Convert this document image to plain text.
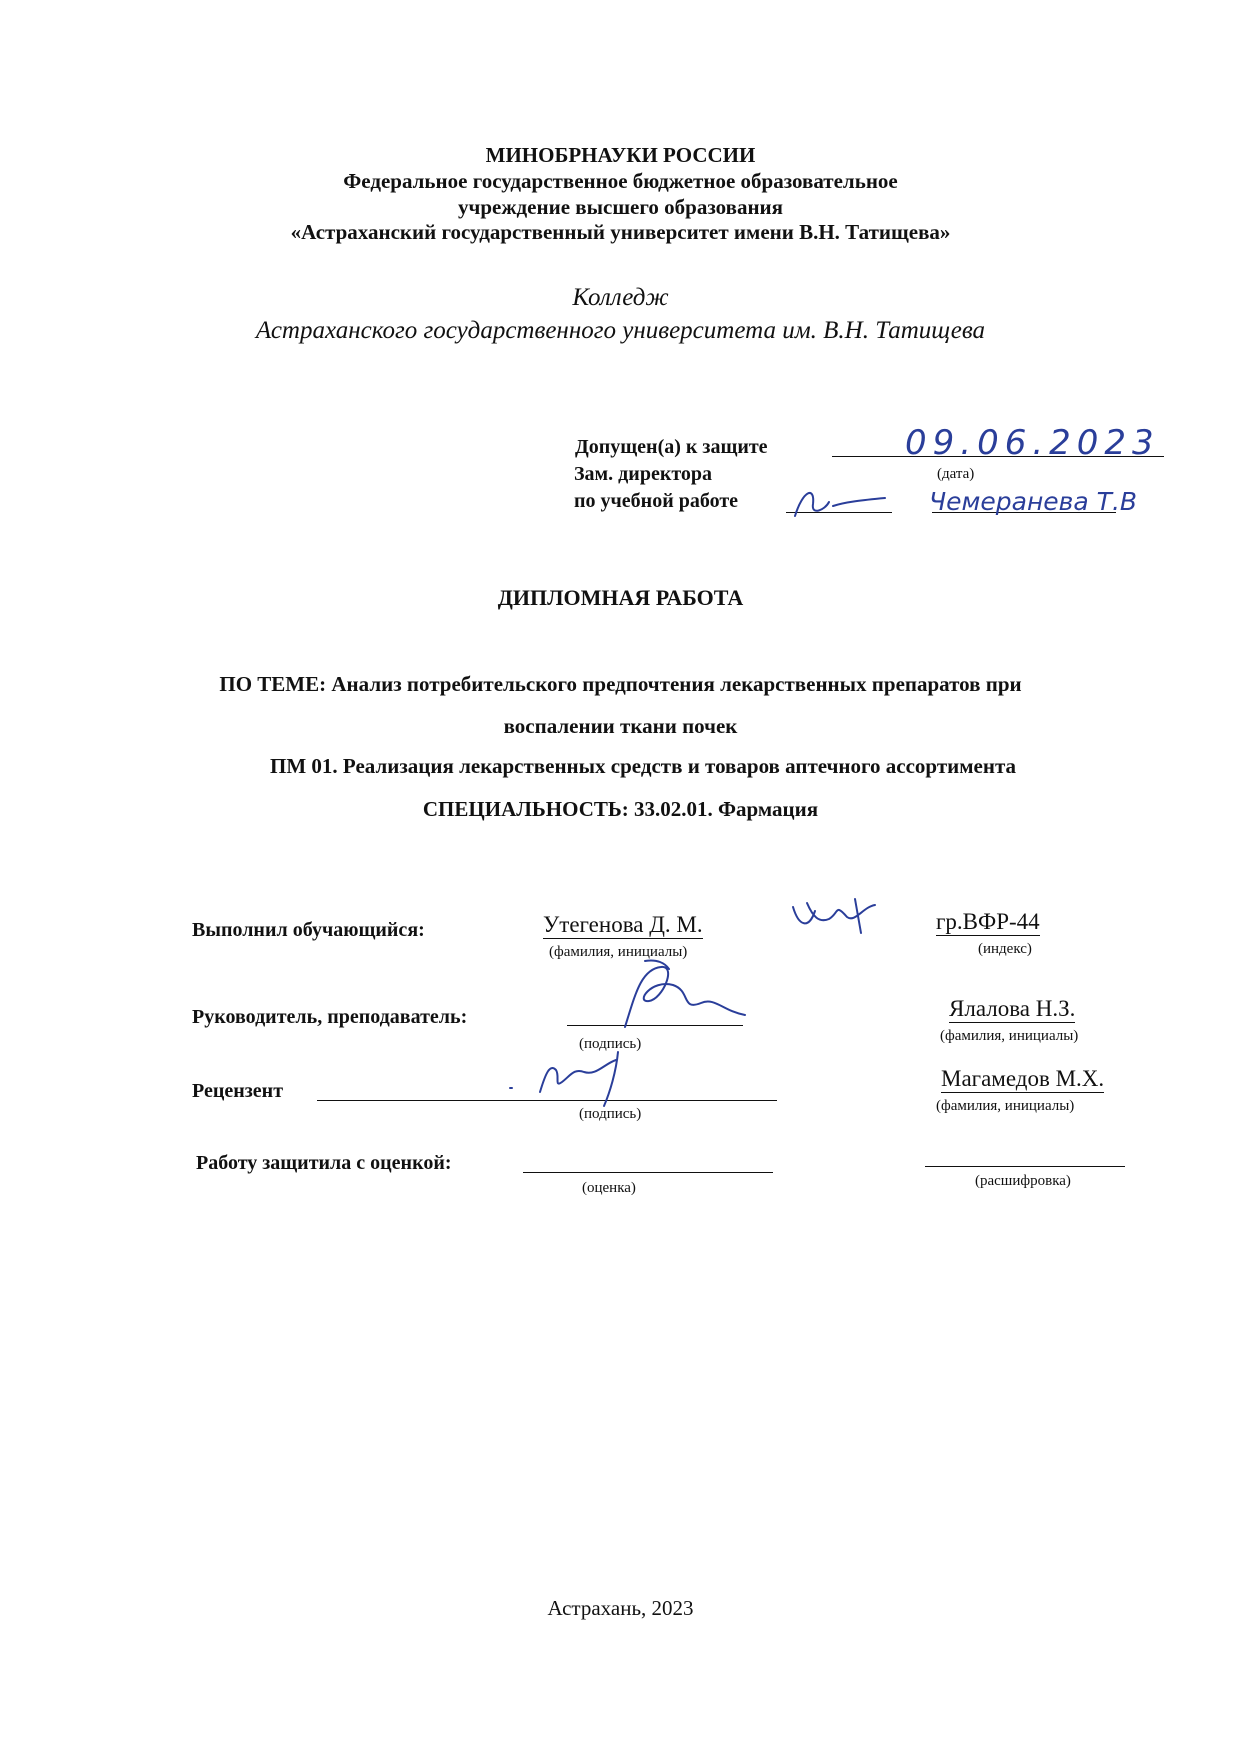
МИНОБРНАУКИ РОССИИ
Федеральное государственное бюджетное образовательное
учреждение высшего образования
«Астраханский государственный университет имени В.Н. Татищева»
Колледж
Астраханского государственного университета им. В.Н. Татищева
Допущен(а) к защите	09.06.2023
(дата)
Зам. директора
по учебной работе	Чемеранева Т.В
ДИПЛОМНАЯ РАБОТА
ПО ТЕМЕ: Анализ потребительского предпочтения лекарственных препаратов при
воспалении ткани почек
ПМ 01. Реализация лекарственных средств и товаров аптечного ассортимента
СПЕЦИАЛЬНОСТЬ: 33.02.01. Фармация
Выполнил обучающийся:	Утегенова Д. М.
(фамилия, инициалы)
гр.ВФР-44
(индекс)
Руководитель, преподаватель:
(подпись)
Ялалова Н.З.
(фамилия, инициалы)
Рецензент
(подпись)
Магамедов М.Х.
(фамилия, инициалы)
Работу защитила с оценкой:
(оценка)	(расшифровка)
Астрахань, 2023
